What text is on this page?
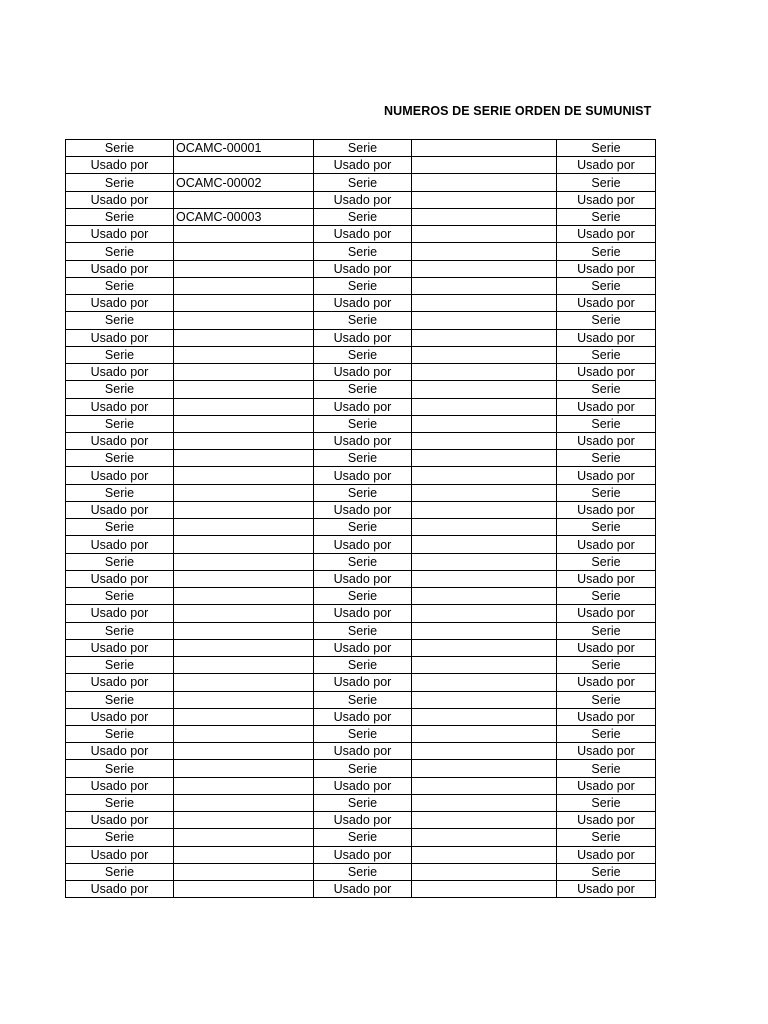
NUMEROS DE SERIE ORDEN DE SUMUNIST
Serie	OCAMC-00001	Serie		Serie
Usado por		Usado por		Usado por
Serie	OCAMC-00002	Serie		Serie
Usado por		Usado por		Usado por
Serie	OCAMC-00003	Serie		Serie
Usado por		Usado por		Usado por
Serie		Serie		Serie
Usado por		Usado por		Usado por
Serie		Serie		Serie
Usado por		Usado por		Usado por
Serie		Serie		Serie
Usado por		Usado por		Usado por
Serie		Serie		Serie
Usado por		Usado por		Usado por
Serie		Serie		Serie
Usado por		Usado por		Usado por
Serie		Serie		Serie
Usado por		Usado por		Usado por
Serie		Serie		Serie
Usado por		Usado por		Usado por
Serie		Serie		Serie
Usado por		Usado por		Usado por
Serie		Serie		Serie
Usado por		Usado por		Usado por
Serie		Serie		Serie
Usado por		Usado por		Usado por
Serie		Serie		Serie
Usado por		Usado por		Usado por
Serie		Serie		Serie
Usado por		Usado por		Usado por
Serie		Serie		Serie
Usado por		Usado por		Usado por
Serie		Serie		Serie
Usado por		Usado por		Usado por
Serie		Serie		Serie
Usado por		Usado por		Usado por
Serie		Serie		Serie
Usado por		Usado por		Usado por
Serie		Serie		Serie
Usado por		Usado por		Usado por
Serie		Serie		Serie
Usado por		Usado por		Usado por
Serie		Serie		Serie
Usado por		Usado por		Usado por
